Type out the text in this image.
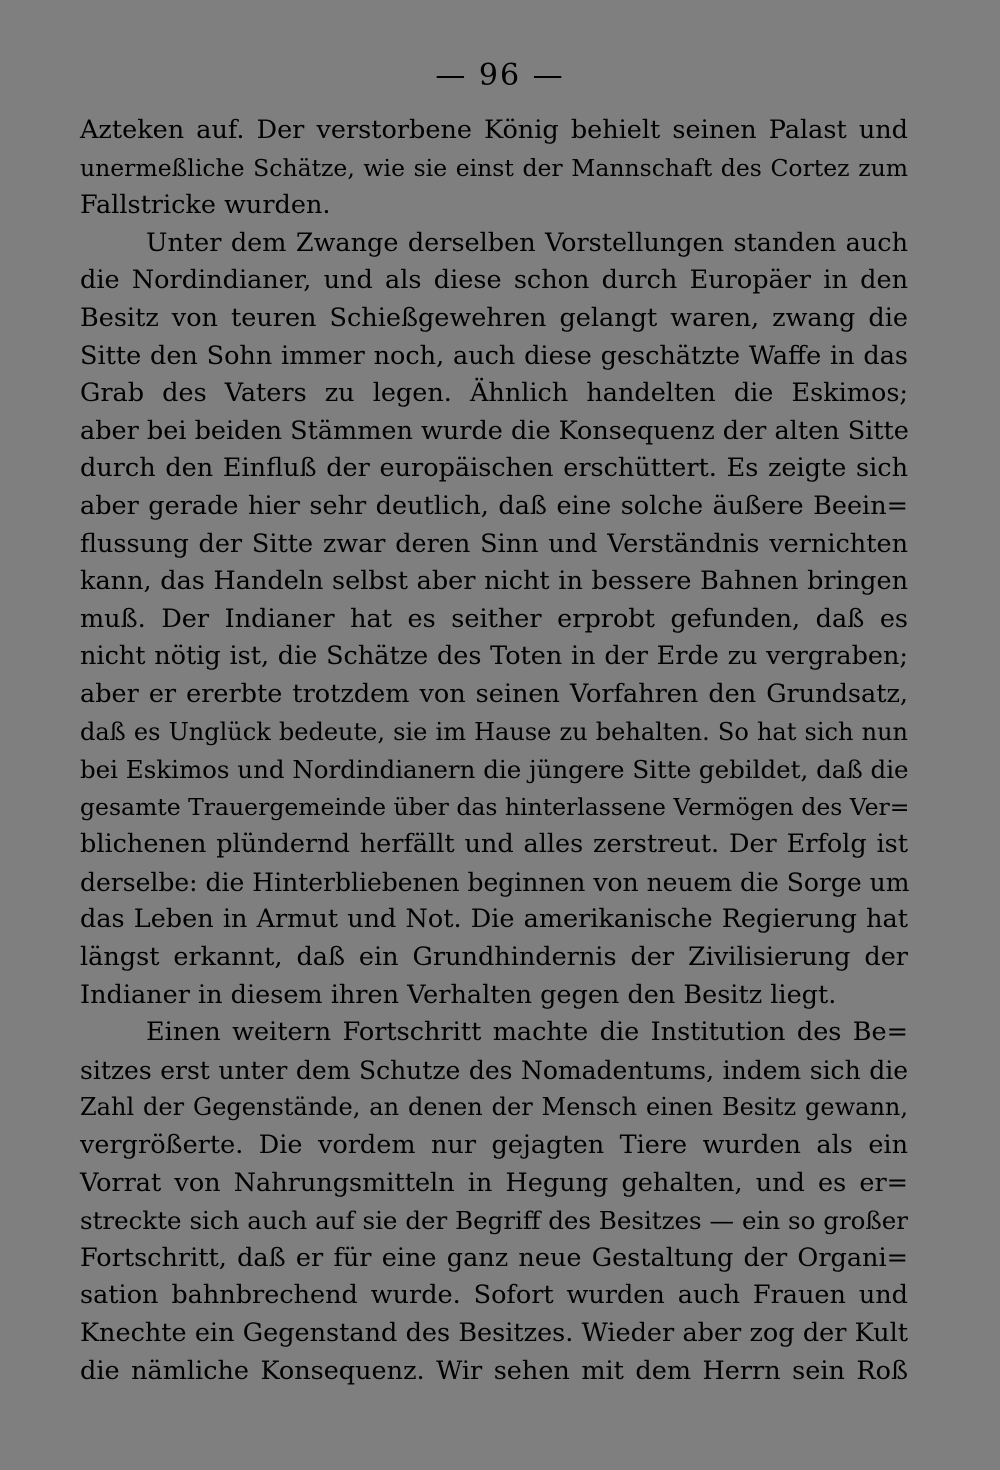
— 96 —
Azteken auf. Der verstorbene König behielt seinen Palast und
unermeßliche Schätze, wie sie einst der Mannschaft des Cortez zum
Fallstricke wurden.
Unter dem Zwange derselben Vorstellungen standen auch
die Nordindianer, und als diese schon durch Europäer in den
Besitz von teuren Schießgewehren gelangt waren, zwang die
Sitte den Sohn immer noch, auch diese geschätzte Waffe in das
Grab des Vaters zu legen. Ähnlich handelten die Eskimos;
aber bei beiden Stämmen wurde die Konsequenz der alten Sitte
durch den Einfluß der europäischen erschüttert. Es zeigte sich
aber gerade hier sehr deutlich, daß eine solche äußere Beein=
flussung der Sitte zwar deren Sinn und Verständnis vernichten
kann, das Handeln selbst aber nicht in bessere Bahnen bringen
muß. Der Indianer hat es seither erprobt gefunden, daß es
nicht nötig ist, die Schätze des Toten in der Erde zu vergraben;
aber er ererbte trotzdem von seinen Vorfahren den Grundsatz,
daß es Unglück bedeute, sie im Hause zu behalten. So hat sich nun
bei Eskimos und Nordindianern die jüngere Sitte gebildet, daß die
gesamte Trauergemeinde über das hinterlassene Vermögen des Ver=
blichenen plündernd herfällt und alles zerstreut. Der Erfolg ist
derselbe: die Hinterbliebenen beginnen von neuem die Sorge um
das Leben in Armut und Not. Die amerikanische Regierung hat
längst erkannt, daß ein Grundhindernis der Zivilisierung der
Indianer in diesem ihren Verhalten gegen den Besitz liegt.
Einen weitern Fortschritt machte die Institution des Be=
sitzes erst unter dem Schutze des Nomadentums, indem sich die
Zahl der Gegenstände, an denen der Mensch einen Besitz gewann,
vergrößerte. Die vordem nur gejagten Tiere wurden als ein
Vorrat von Nahrungsmitteln in Hegung gehalten, und es er=
streckte sich auch auf sie der Begriff des Besitzes — ein so großer
Fortschritt, daß er für eine ganz neue Gestaltung der Organi=
sation bahnbrechend wurde. Sofort wurden auch Frauen und
Knechte ein Gegenstand des Besitzes. Wieder aber zog der Kult
die nämliche Konsequenz. Wir sehen mit dem Herrn sein Roß
